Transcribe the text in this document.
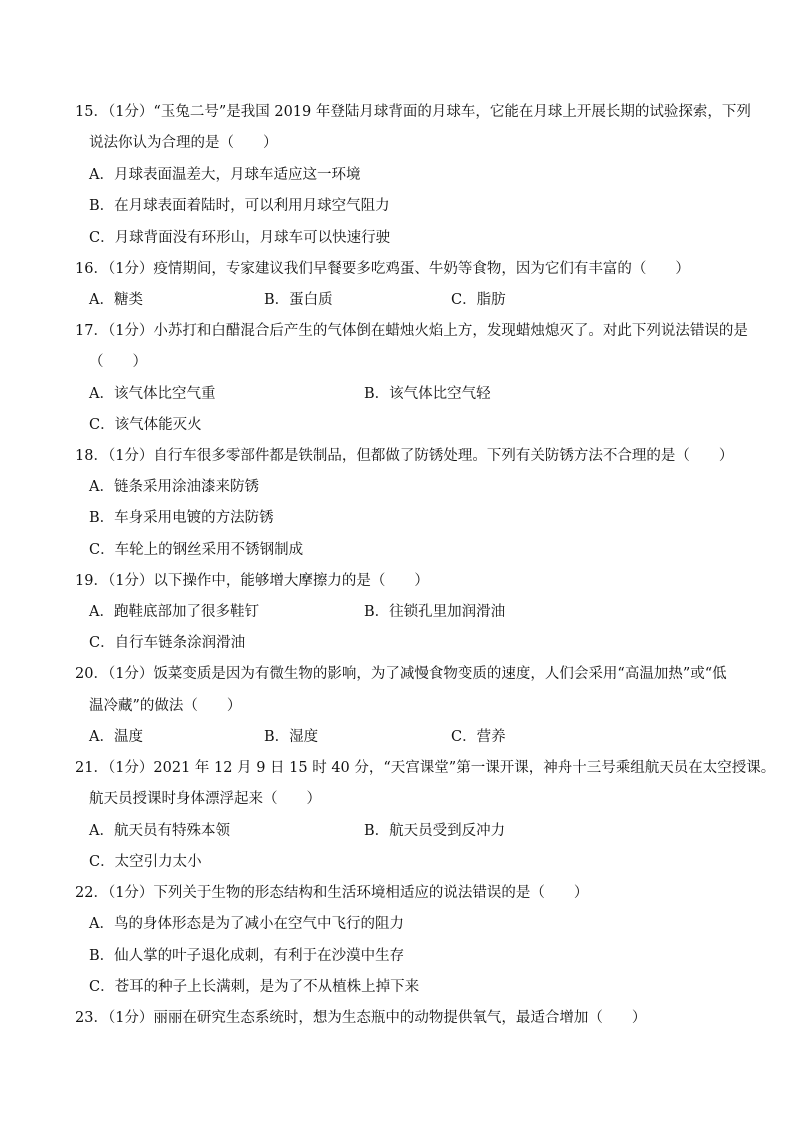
15．（1分）“玉兔二号”是我国 2019 年登陆月球背面的月球车，它能在月球上开展长期的试验探索，下列
说法你认为合理的是（　　）
A．月球表面温差大，月球车适应这一环境
B．在月球表面着陆时，可以利用月球空气阻力
C．月球背面没有环形山，月球车可以快速行驶
16．（1分）疫情期间，专家建议我们早餐要多吃鸡蛋、牛奶等食物，因为它们有丰富的（　　）
A．糖类	B．蛋白质	C．脂肪
17．（1分）小苏打和白醋混合后产生的气体倒在蜡烛火焰上方，发现蜡烛熄灭了。对此下列说法错误的是
（　　）
A．该气体比空气重	B．该气体比空气轻
C．该气体能灭火
18．（1分）自行车很多零部件都是铁制品，但都做了防锈处理。下列有关防锈方法不合理的是（　　）
A．链条采用涂油漆来防锈
B．车身采用电镀的方法防锈
C．车轮上的钢丝采用不锈钢制成
19．（1分）以下操作中，能够增大摩擦力的是（　　）
A．跑鞋底部加了很多鞋钉	B．往锁孔里加润滑油
C．自行车链条涂润滑油
20．（1分）饭菜变质是因为有微生物的影响，为了减慢食物变质的速度，人们会采用“高温加热”或“低
温冷藏”的做法（　　）
A．温度	B．湿度	C．营养
21．（1分）2021 年 12 月 9 日 15 时 40 分，“天宫课堂”第一课开课，神舟十三号乘组航天员在太空授课。
航天员授课时身体漂浮起来（　　）
A．航天员有特殊本领	B．航天员受到反冲力
C．太空引力太小
22．（1分）下列关于生物的形态结构和生活环境相适应的说法错误的是（　　）
A．鸟的身体形态是为了减小在空气中飞行的阻力
B．仙人掌的叶子退化成刺，有利于在沙漠中生存
C．苍耳的种子上长满刺，是为了不从植株上掉下来
23．（1分）丽丽在研究生态系统时，想为生态瓶中的动物提供氧气，最适合增加（　　）
